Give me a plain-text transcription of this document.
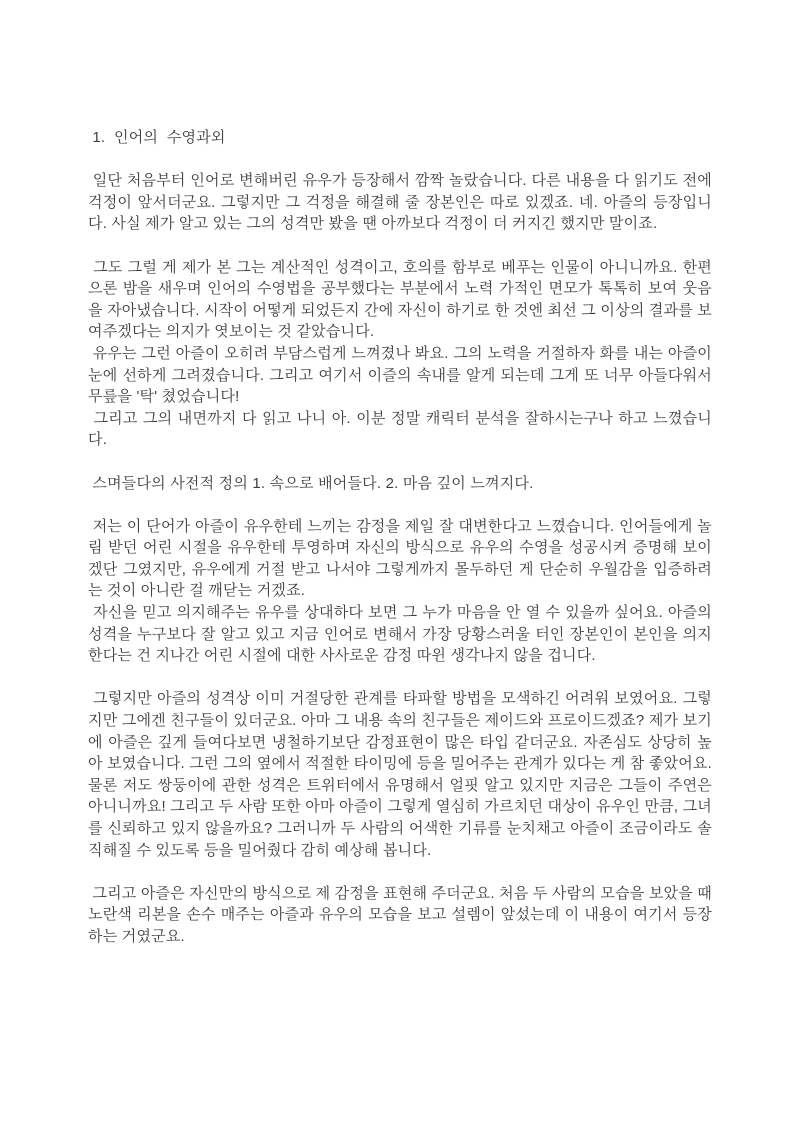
1.  인어의  수영과외
일단 처음부터 인어로 변해버린 유우가 등장해서 깜짝 놀랐습니다. 다른 내용을 다 읽기도 전에 걱정이 앞서더군요. 그렇지만 그 걱정을 해결해 줄 장본인은 따로 있겠죠. 네. 아즐의 등장입니다. 사실 제가 알고 있는 그의 성격만 봤을 땐 아까보다 걱정이 더 커지긴 했지만 말이죠.
그도 그럴 게 제가 본 그는 계산적인 성격이고, 호의를 함부로 베푸는 인물이 아니니까요. 한편으론 밤을 새우며 인어의 수영법을 공부했다는 부분에서 노력 가적인 면모가 톡톡히 보여 웃음을 자아냈습니다. 시작이 어떻게 되었든지 간에 자신이 하기로 한 것엔 최선 그 이상의 결과를 보여주겠다는 의지가 엿보이는 것 같았습니다.
유우는 그런 아즐이 오히려 부담스럽게 느껴졌나 봐요. 그의 노력을 거절하자 화를 내는 아즐이 눈에 선하게 그려졌습니다. 그리고 여기서 이즐의 속내를 알게 되는데 그게 또 너무 아들다워서 무릎을 '탁' 쳤었습니다!
그리고 그의 내면까지 다 읽고 나니 아. 이분 정말 캐릭터 분석을 잘하시는구나 하고 느꼈습니다.
스며들다의 사전적 정의 1. 속으로 배어들다. 2. 마음 깊이 느껴지다.
저는 이 단어가 아즐이 유우한테 느끼는 감정을 제일 잘 대변한다고 느꼈습니다. 인어들에게 놀림 받던 어린 시절을 유우한테 투영하며 자신의 방식으로 유우의 수영을 성공시켜 증명해 보이겠단 그였지만, 유우에게 거절 받고 나서야 그렇게까지 몰두하던 게 단순히 우월감을 입증하려는 것이 아니란 걸 깨닫는 거겠죠.
자신을 믿고 의지해주는 유우를 상대하다 보면 그 누가 마음을 안 열 수 있을까 싶어요. 아즐의 성격을 누구보다 잘 알고 있고 지금 인어로 변해서 가장 당황스러울 터인 장본인이 본인을 의지한다는 건 지나간 어린 시절에 대한 사사로운 감정 따윈 생각나지 않을 겁니다.
그렇지만 아즐의 성격상 이미 거절당한 관계를 타파할 방법을 모색하긴 어려워 보였어요. 그렇지만 그에겐 친구들이 있더군요. 아마 그 내용 속의 친구들은 제이드와 프로이드겠죠? 제가 보기에 아즐은 깊게 들여다보면 냉철하기보단 감정표현이 많은 타입 같더군요. 자존심도 상당히 높아 보였습니다. 그런 그의 옆에서 적절한 타이밍에 등을 밀어주는 관계가 있다는 게 참 좋았어요. 물론 저도 쌍둥이에 관한 성격은 트위터에서 유명해서 얼핏 알고 있지만 지금은 그들이 주연은 아니니까요! 그리고 두 사람 또한 아마 아즐이 그렇게 열심히 가르치던 대상이 유우인 만큼, 그녀를 신뢰하고 있지 않을까요? 그러니까 두 사람의 어색한 기류를 눈치채고 아즐이 조금이라도 솔직해질 수 있도록 등을 밀어줬다 감히 예상해 봅니다.
그리고 아즐은 자신만의 방식으로 제 감정을 표현해 주더군요. 처음 두 사람의 모습을 보았을 때 노란색 리본을 손수 매주는 아즐과 유우의 모습을 보고 설렘이 앞섰는데 이 내용이 여기서 등장하는 거였군요.
